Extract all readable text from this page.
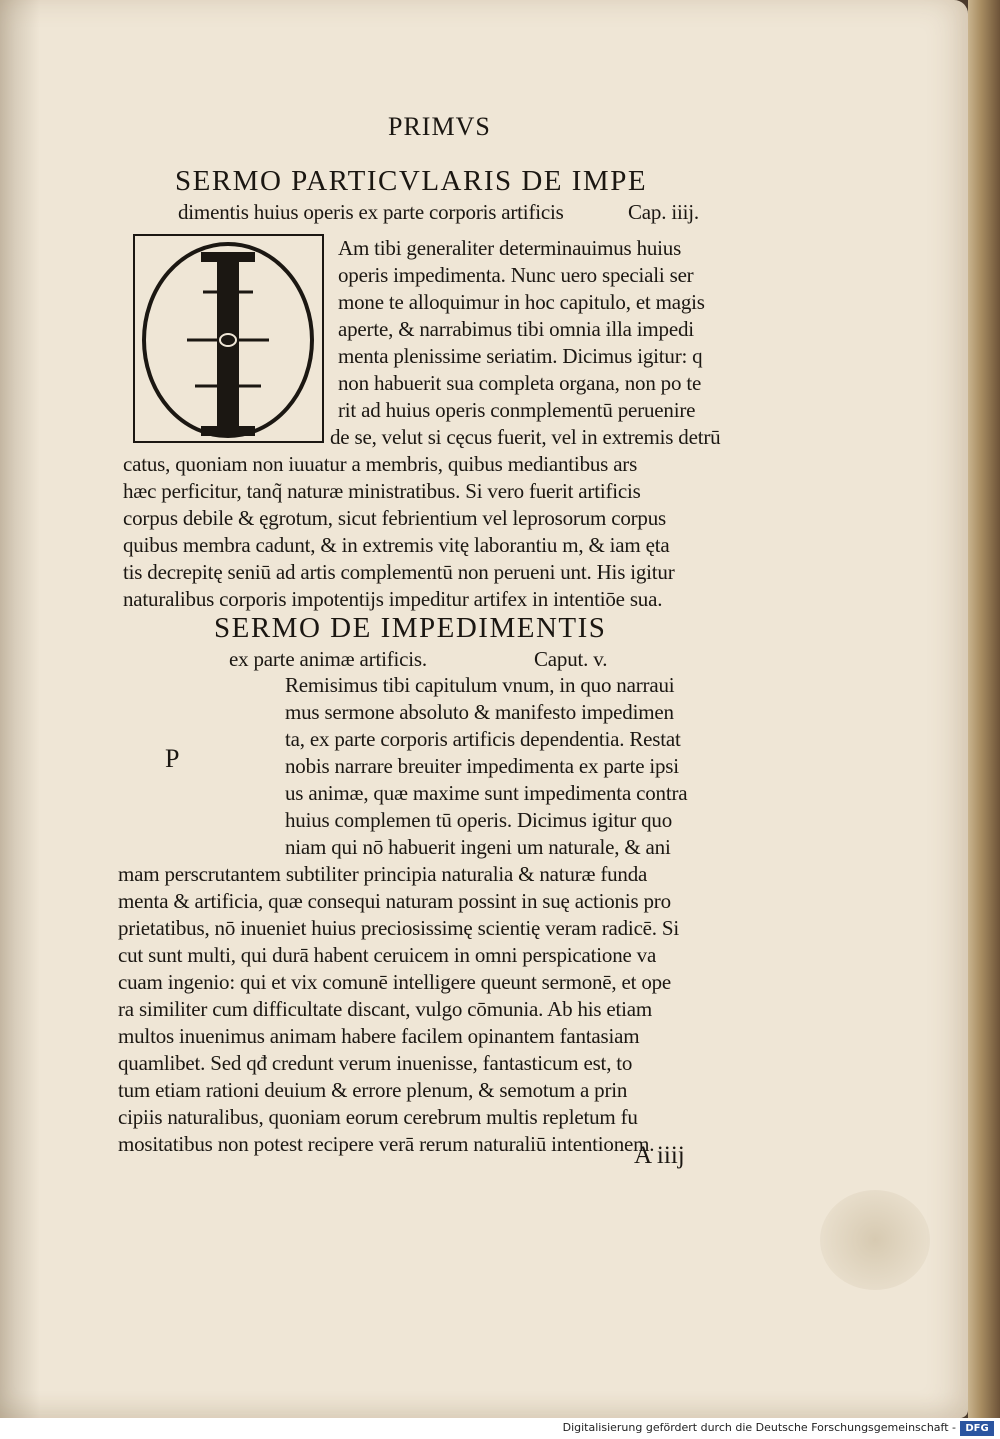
PRIMVS
SERMO PARTICVLARIS DE IMPE
dimentis huius operis ex parte corporis artificis	Cap. iiij.
Am tibi generaliter determinauimus huius
operis impedimenta. Nunc uero speciali ser
mone te alloquimur in hoc capitulo, et magis
aperte, & narrabimus tibi omnia illa impedi
menta plenissime seriatim. Dicimus igitur: q
non habuerit sua completa organa, non po te
rit ad huius operis conmplementū peruenire
de se, velut si cęcus fuerit, vel in extremis detrū
catus, quoniam non iuuatur a membris, quibus mediantibus ars
hæc perficitur, tanq̃ naturæ ministratibus. Si vero fuerit artificis
corpus debile & ęgrotum, sicut febrientium vel leprosorum corpus
quibus membra cadunt, & in extremis vitę laborantiu m, & iam ęta
tis decrepitę seniū ad artis complementū non perueni unt. His igitur
naturalibus corporis impotentijs impeditur artifex in intentiōe sua.
SERMO DE IMPEDIMENTIS
ex parte animæ artificis.	Caput. v.
P
Remisimus tibi capitulum vnum, in quo narraui
mus sermone absoluto & manifesto impedimen
ta, ex parte corporis artificis dependentia. Restat
nobis narrare breuiter impedimenta ex parte ipsi
us animæ, quæ maxime sunt impedimenta contra
huius complemen tū operis. Dicimus igitur quo
niam qui nō habuerit ingeni um naturale, & ani
mam perscrutantem subtiliter principia naturalia & naturæ funda
menta & artificia, quæ consequi naturam possint in suę actionis pro
prietatibus, nō inueniet huius preciosissimę scientię veram radicē. Si
cut sunt multi, qui durā habent ceruicem in omni perspicatione va
cuam ingenio: qui et vix comunē intelligere queunt sermonē, et ope
ra similiter cum difficultate discant, vulgo cōmunia. Ab his etiam
multos inuenimus animam habere facilem opinantem fantasiam
quamlibet. Sed qđ credunt verum inuenisse, fantasticum est, to
tum etiam rationi deuium & errore plenum, & semotum a prin
cipiis naturalibus, quoniam eorum cerebrum multis repletum fu
mositatibus non potest recipere verā rerum naturaliū intentionem.
A iiij
Digitalisierung gefördert durch die Deutsche Forschungsgemeinschaft - DFG
